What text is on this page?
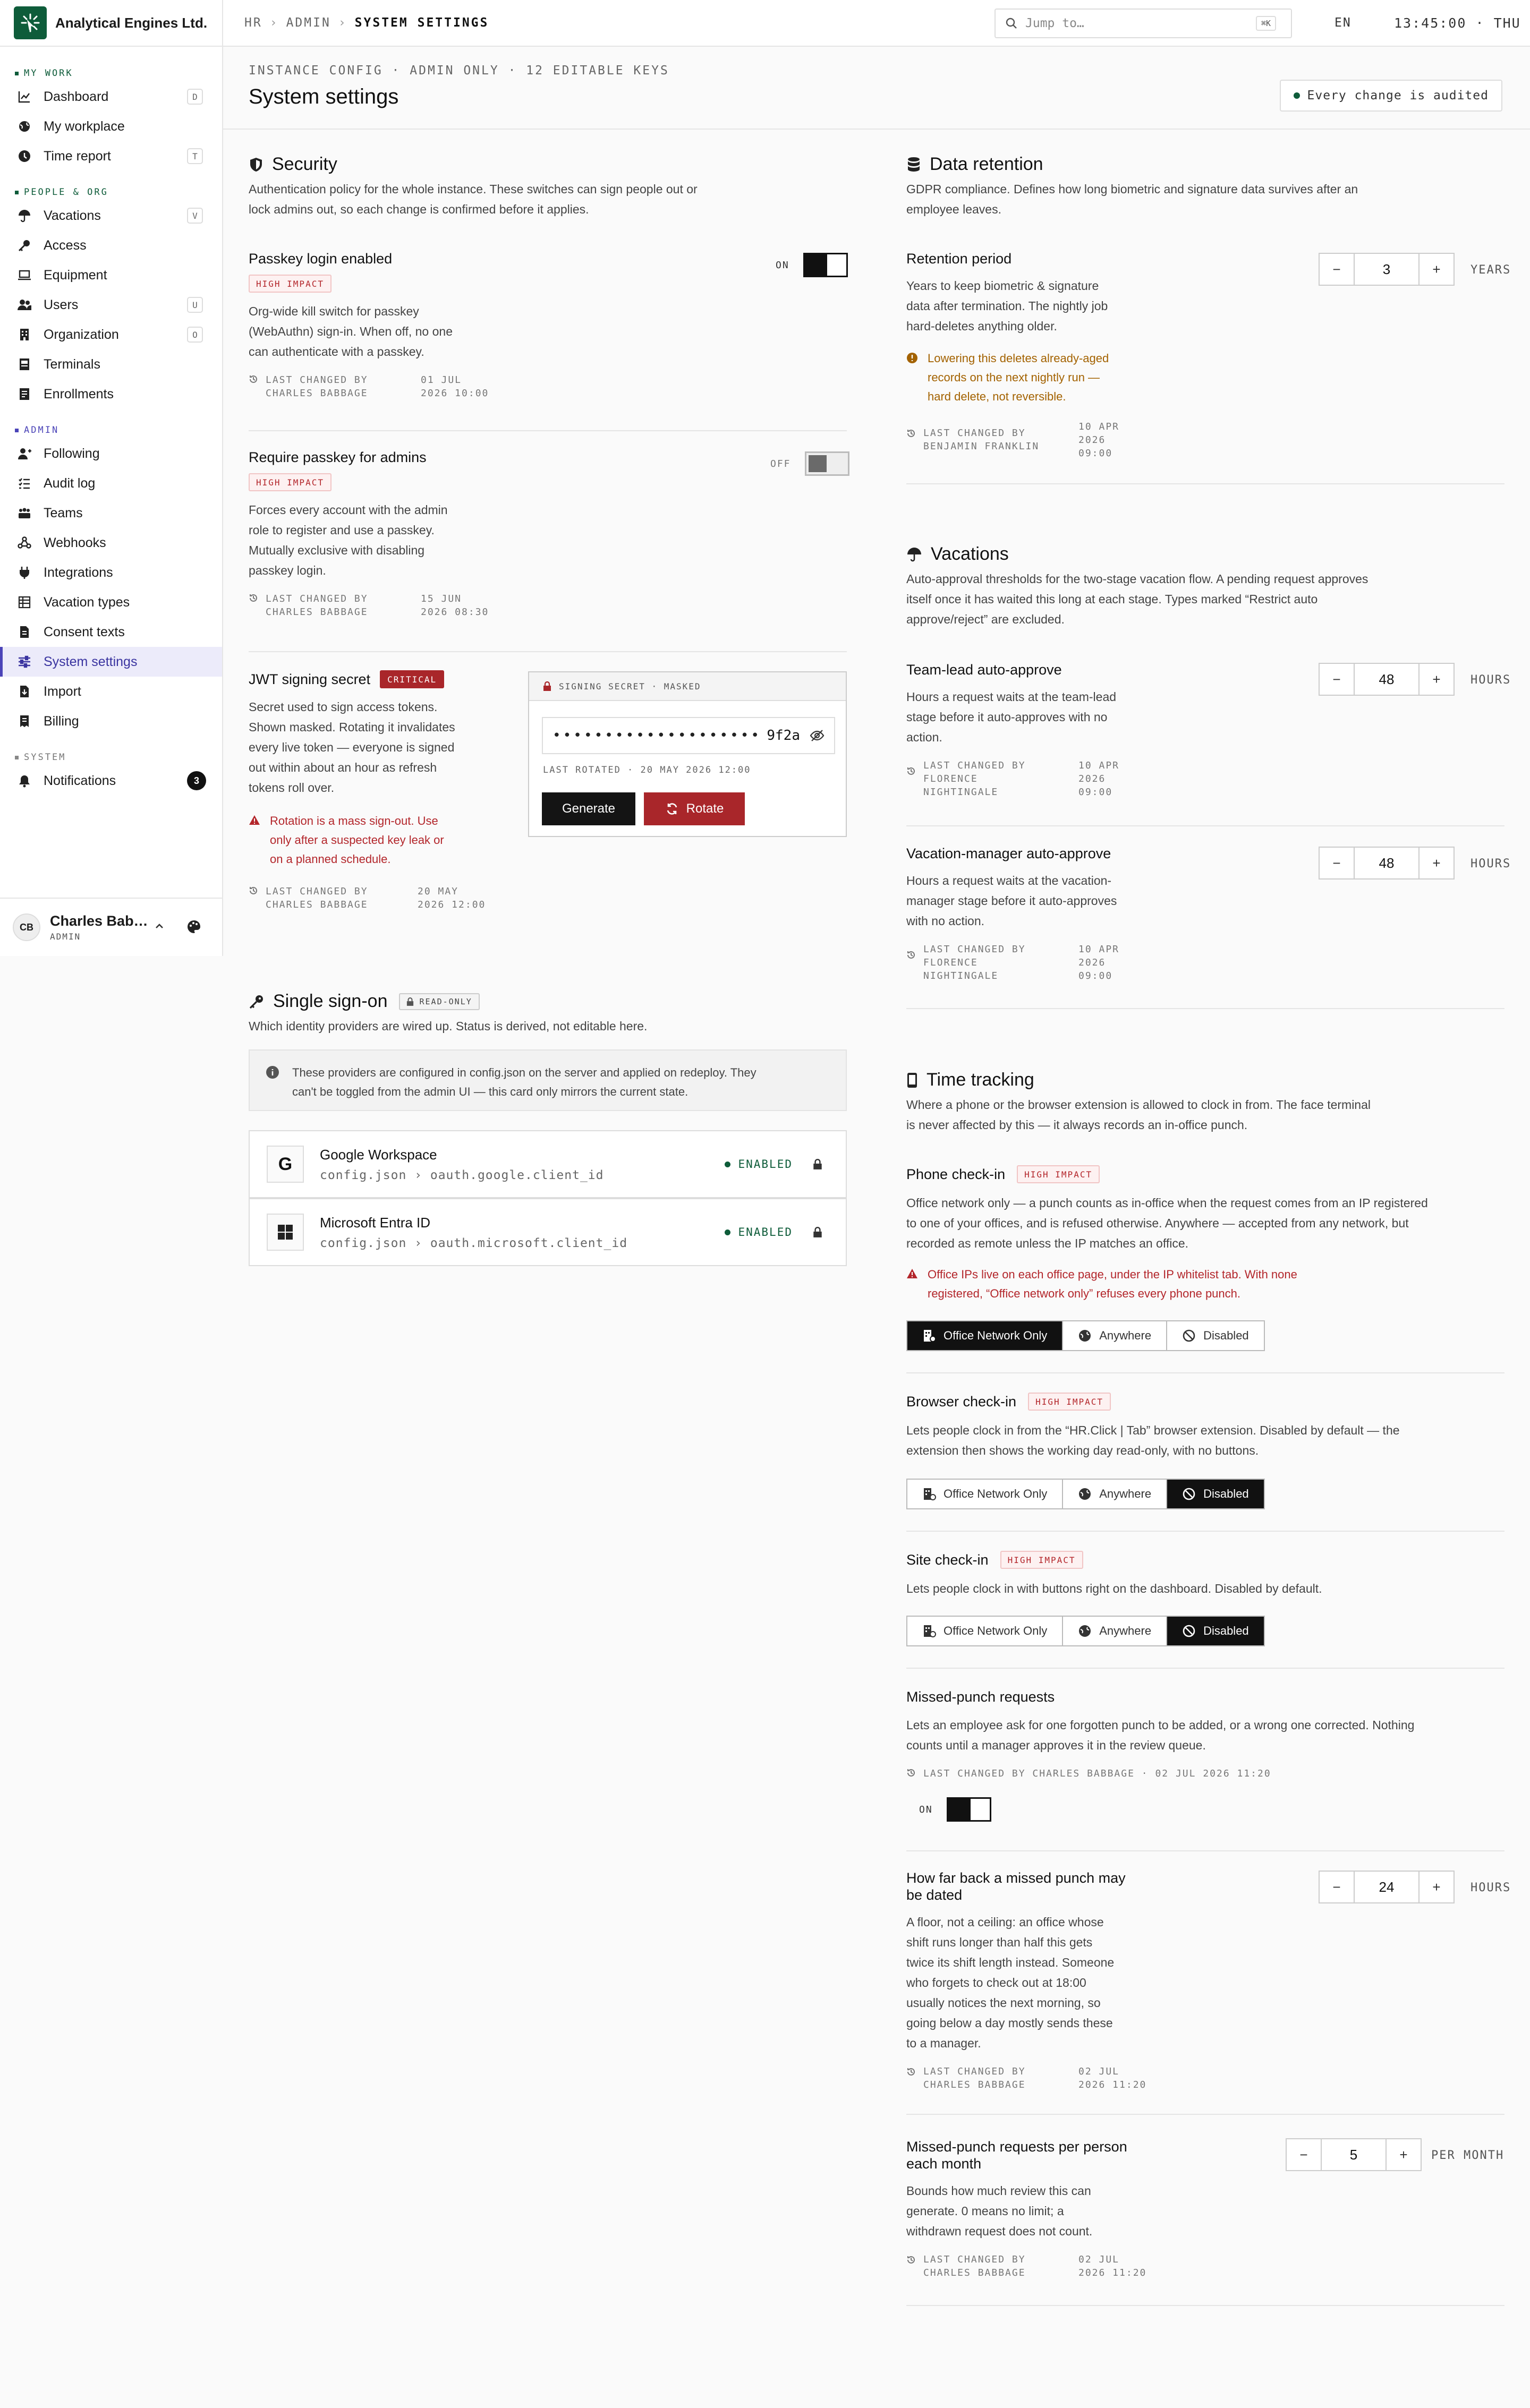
Analytical Engines Ltd.
MY WORK
Dashboard	D
My workplace
Time report	T
PEOPLE & ORG
Vacations	V
Access
Equipment
Users	U
Organization	O
Terminals
Enrollments
ADMIN
Following
Audit log
Teams
Webhooks
Integrations
Vacation types
Consent texts
System settings
Import
Billing
SYSTEM
Notifications	3
CB	Charles Bab…
ADMIN
HR › ADMIN › SYSTEM SETTINGS	Jump to…	⌘K	EN	13:45:00 · THU
INSTANCE CONFIG · ADMIN ONLY · 12 EDITABLE KEYS
System settings	Every change is audited
Security
Authentication policy for the whole instance. These switches can sign people out or
lock admins out, so each change is confirmed before it applies.
Passkey login enabled
HIGH IMPACT
Org-wide kill switch for passkey
(WebAuthn) sign-in. When off, no one
can authenticate with a passkey.
LAST CHANGED BY
CHARLES BABBAGE
01 JUL
2026 10:00
ON
Require passkey for admins
HIGH IMPACT
Forces every account with the admin
role to register and use a passkey.
Mutually exclusive with disabling
passkey login.
LAST CHANGED BY
CHARLES BABBAGE
15 JUN
2026 08:30
OFF
JWT signing secret	CRITICAL
Secret used to sign access tokens.
Shown masked. Rotating it invalidates
every live token — everyone is signed
out within about an hour as refresh
tokens roll over.
Rotation is a mass sign-out. Use
only after a suspected key leak or
on a planned schedule.
LAST CHANGED BY
CHARLES BABBAGE
20 MAY
2026 12:00
SIGNING SECRET · MASKED
•••••••••••••••••••• 9f2a
LAST ROTATED · 20 MAY 2026 12:00
Generate	Rotate
Single sign-on	READ-ONLY
Which identity providers are wired up. Status is derived, not editable here.
These providers are configured in config.json on the server and applied on redeploy. They
can't be toggled from the admin UI — this card only mirrors the current state.
G	Google Workspace
config.json › oauth.google.client_id
ENABLED
Microsoft Entra ID
config.json › oauth.microsoft.client_id
ENABLED
Data retention
GDPR compliance. Defines how long biometric and signature data survives after an
employee leaves.
Retention period
Years to keep biometric & signature
data after termination. The nightly job
hard-deletes anything older.
Lowering this deletes already-aged
records on the next nightly run —
hard delete, not reversible.
LAST CHANGED BY
BENJAMIN FRANKLIN
10 APR
2026
09:00
−	3	+	YEARS
Vacations
Auto-approval thresholds for the two-stage vacation flow. A pending request approves
itself once it has waited this long at each stage. Types marked “Restrict auto
approve/reject” are excluded.
Team-lead auto-approve
Hours a request waits at the team-lead
stage before it auto-approves with no
action.
LAST CHANGED BY
FLORENCE
NIGHTINGALE
10 APR
2026
09:00
−	48	+	HOURS
Vacation-manager auto-approve
Hours a request waits at the vacation-
manager stage before it auto-approves
with no action.
LAST CHANGED BY
FLORENCE
NIGHTINGALE
10 APR
2026
09:00
−	48	+	HOURS
Time tracking
Where a phone or the browser extension is allowed to clock in from. The face terminal
is never affected by this — it always records an in-office punch.
Phone check-in	HIGH IMPACT
Office network only — a punch counts as in-office when the request comes from an IP registered
to one of your offices, and is refused otherwise. Anywhere — accepted from any network, but
recorded as remote unless the IP matches an office.
Office IPs live on each office page, under the IP whitelist tab. With none
registered, “Office network only” refuses every phone punch.
Office Network Only	Anywhere	Disabled
Browser check-in	HIGH IMPACT
Lets people clock in from the “HR.Click | Tab” browser extension. Disabled by default — the
extension then shows the working day read-only, with no buttons.
Office Network Only	Anywhere	Disabled
Site check-in	HIGH IMPACT
Lets people clock in with buttons right on the dashboard. Disabled by default.
Office Network Only	Anywhere	Disabled
Missed-punch requests
Lets an employee ask for one forgotten punch to be added, or a wrong one corrected. Nothing
counts until a manager approves it in the review queue.
LAST CHANGED BY CHARLES BABBAGE · 02 JUL 2026 11:20
ON
How far back a missed punch may
be dated
A floor, not a ceiling: an office whose
shift runs longer than half this gets
twice its shift length instead. Someone
who forgets to check out at 18:00
usually notices the next morning, so
going below a day mostly sends these
to a manager.
LAST CHANGED BY
CHARLES BABBAGE
02 JUL
2026 11:20
−	24	+	HOURS
Missed-punch requests per person
each month
Bounds how much review this can
generate. 0 means no limit; a
withdrawn request does not count.
LAST CHANGED BY
CHARLES BABBAGE
02 JUL
2026 11:20
−	5	+	PER MONTH
